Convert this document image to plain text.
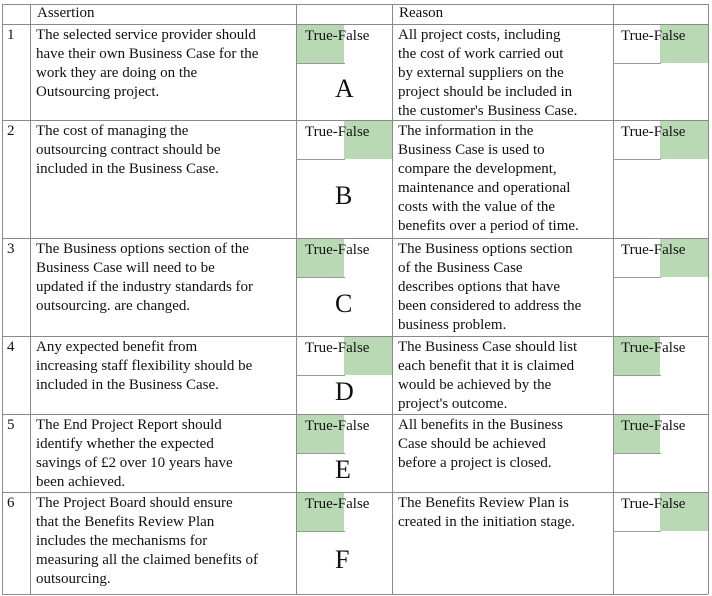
Assertion	Reason
1 The selected service provider should
have their own Business Case for the
work they are doing on the
Outsourcing project.
True-False
A
All project costs, including
the cost of work carried out
by external suppliers on the
project should be included in
the customer's Business Case.
True-False
2 The cost of managing the
outsourcing contract should be
included in the Business Case.
True-False
B
The information in the
Business Case is used to
compare the development,
maintenance and operational
costs with the value of the
benefits over a period of time.
True-False
3 The Business options section of the
Business Case will need to be
updated if the industry standards for
outsourcing. are changed.
True-False
C
The Business options section
of the Business Case
describes options that have
been considered to address the
business problem.
True-False
4 Any expected benefit from
increasing staff flexibility should be
included in the Business Case.
True-False
D
The Business Case should list
each benefit that it is claimed
would be achieved by the
project's outcome.
True-False
5 The End Project Report should
identify whether the expected
savings of £2 over 10 years have
been achieved.
True-False
E
All benefits in the Business
Case should be achieved
before a project is closed.
True-False
6 The Project Board should ensure
that the Benefits Review Plan
includes the mechanisms for
measuring all the claimed benefits of
outsourcing.
True-False
F
The Benefits Review Plan is
created in the initiation stage.
True-False
